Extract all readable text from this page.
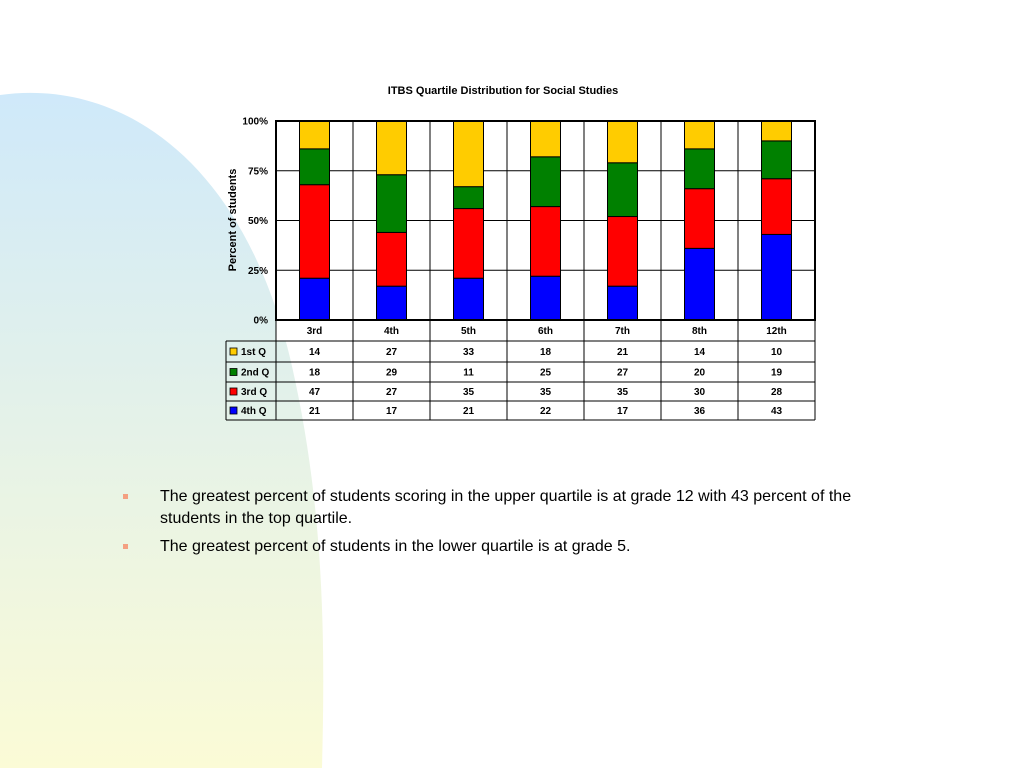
ITBS Quartile Distribution for Social Studies
Percent of students
0%
25%
50%
75%
100%
3rd	4th	5th	6th	7th	8th	12th
1st Q	14	27	33	18	21	14	10
2nd Q	18	29	11	25	27	20	19
3rd Q	47	27	35	35	35	30	28
4th Q	21	17	21	22	17	36	43
The greatest percent of students scoring in the upper quartile is at grade 12 with 43 percent of the students in the top quartile.
The greatest percent of students in the lower quartile is at grade 5.
